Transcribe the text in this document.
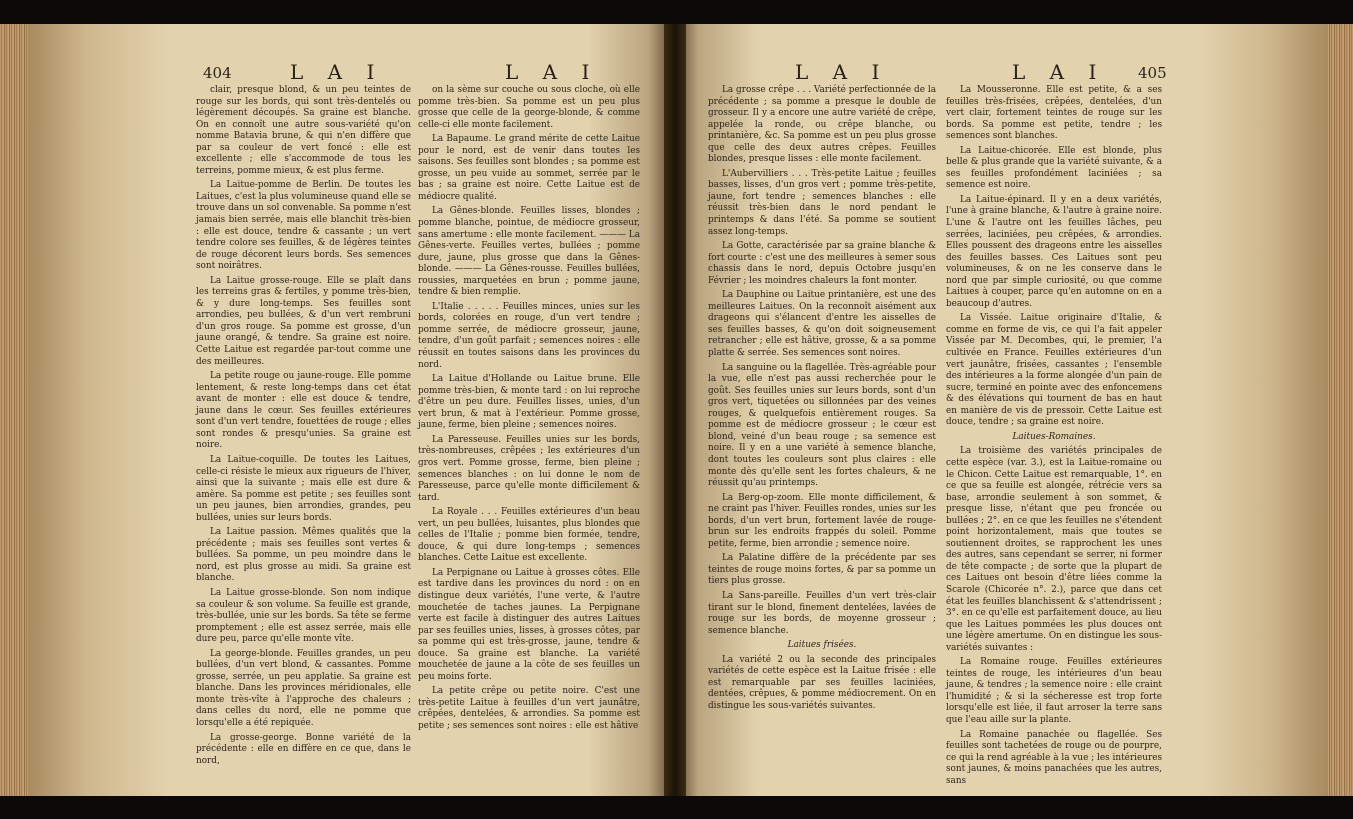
404	L A I	L A I	L A I	L A I 405

clair, presque blond, & un peu teintes de rouge sur les bords, qui sont très-dentelés ou légèrement découpés. Sa graine est blanche. On en connoît une autre sous-variété qu'on nomme Batavia brune, & qui n'en diffère que par sa couleur de vert foncé : elle est excellente ; elle s'accommode de tous les terreins, pomme mieux, & est plus ferme.

La Laitue-pomme de Berlin. De toutes les Laitues, c'est la plus volumineuse quand elle se trouve dans un sol convenable. Sa pomme n'est jamais bien serrée, mais elle blanchit très-bien : elle est douce, tendre & cassante ; un vert tendre colore ses feuilles, & de légères teintes de rouge décorent leurs bords. Ses semences sont noirâtres.

La Laitue grosse-rouge. Elle se plaît dans les terreins gras & fertiles, y pomme très-bien, & y dure long-temps. Ses feuilles sont arrondies, peu bullées, & d'un vert rembruni d'un gros rouge. Sa pomme est grosse, d'un jaune orangé, & tendre. Sa graine est noire. Cette Laitue est regardée par-tout comme une des meilleures.

La petite rouge ou jaune-rouge. Elle pomme lentement, & reste long-temps dans cet état avant de monter : elle est douce & tendre, jaune dans le cœur. Ses feuilles extérieures sont d'un vert tendre, fouettées de rouge ; elles sont rondes & presqu'unies. Sa graine est noire.

La Laitue-coquille. De toutes les Laitues, celle-ci résiste le mieux aux rigueurs de l'hiver, ainsi que la suivante ; mais elle est dure & amère. Sa pomme est petite ; ses feuilles sont un peu jaunes, bien arrondies, grandes, peu bullées, unies sur leurs bords.

La Laitue passion. Mêmes qualités que la précédente ; mais ses feuilles sont vertes & bullées. Sa pomme, un peu moindre dans le nord, est plus grosse au midi. Sa graine est blanche.

La Laitue grosse-blonde. Son nom indique sa couleur & son volume. Sa feuille est grande, très-bullée, unie sur les bords. Sa tête se ferme promptement ; elle est assez serrée, mais elle dure peu, parce qu'elle monte vîte.

La george-blonde. Feuilles grandes, un peu bullées, d'un vert blond, & cassantes. Pomme grosse, serrée, un peu applatie. Sa graine est blanche. Dans les provinces méridionales, elle monte très-vîte à l'approche des chaleurs ; dans celles du nord, elle ne pomme que lorsqu'elle a été repiquée.

La grosse-george. Bonne variété de la précédente : elle en diffère en ce que, dans le nord,

on la sème sur couche ou sous cloche, où elle pomme très-bien. Sa pomme est un peu plus grosse que celle de la george-blonde, & comme celle-ci elle monte facilement.

La Bapaume. Le grand mérite de cette Laitue pour le nord, est de venir dans toutes les saisons. Ses feuilles sont blondes ; sa pomme est grosse, un peu vuide au sommet, serrée par le bas ; sa graine est noire. Cette Laitue est de médiocre qualité.

La Gênes-blonde. Feuilles lisses, blondes ; pomme blanche, pointue, de médiocre grosseur, sans amertume : elle monte facilement. ——— La Gênes-verte. Feuilles vertes, bullées ; pomme dure, jaune, plus grosse que dans la Gênes-blonde. ——— La Gênes-rousse. Feuilles bullées, roussies, marquetées en brun ; pomme jaune, tendre & bien remplie.

L'Italie . . . . . Feuilles minces, unies sur les bords, colorées en rouge, d'un vert tendre ; pomme serrée, de médiocre grosseur, jaune, tendre, d'un goût parfait ; semences noires : elle réussit en toutes saisons dans les provinces du nord.

La Laitue d'Hollande ou Laitue brune. Elle pomme très-bien, & monte tard : on lui reproche d'être un peu dure. Feuilles lisses, unies, d'un vert brun, & mat à l'extérieur. Pomme grosse, jaune, ferme, bien pleine ; semences noires.

La Paresseuse. Feuilles unies sur les bords, très-nombreuses, crêpées ; les extérieures d'un gros vert. Pomme grosse, ferme, bien pleine ; semences blanches : on lui donne le nom de Paresseuse, parce qu'elle monte difficilement & tard.

La Royale . . . Feuilles extérieures d'un beau vert, un peu bullées, luisantes, plus blondes que celles de l'Italie ; pomme bien formée, tendre, douce, & qui dure long-temps ; semences blanches. Cette Laitue est excellente.

La Perpignane ou Laitue à grosses côtes. Elle est tardive dans les provinces du nord : on en distingue deux variétés, l'une verte, & l'autre mouchetée de taches jaunes. La Perpignane verte est facile à distinguer des autres Laitues par ses feuilles unies, lisses, à grosses côtes, par sa pomme qui est très-grosse, jaune, tendre & douce. Sa graine est blanche. La variété mouchetée de jaune a la côte de ses feuilles un peu moins forte.

La petite crêpe ou petite noire. C'est une très-petite Laitue à feuilles d'un vert jaunâtre, crêpées, dentelées, & arrondies. Sa pomme est petite ; ses semences sont noires : elle est hâtive

La grosse crêpe . . . Variété perfectionnée de la précédente ; sa pomme a presque le double de grosseur. Il y a encore une autre variété de crêpe, appelée la ronde, ou crêpe blanche, ou printanière, &c. Sa pomme est un peu plus grosse que celle des deux autres crêpes. Feuilles blondes, presque lisses : elle monte facilement.

L'Aubervilliers . . . Très-petite Laitue ; feuilles basses, lisses, d'un gros vert ; pomme très-petite, jaune, fort tendre ; semences blanches : elle réussit très-bien dans le nord pendant le printemps & dans l'été. Sa pomme se soutient assez long-temps.

La Gotte, caractérisée par sa graine blanche & fort courte : c'est une des meilleures à semer sous chassis dans le nord, depuis Octobre jusqu'en Février ; les moindres chaleurs la font monter.

La Dauphine ou Laitue printanière, est une des meilleures Laitues. On la reconnoît aisément aux drageons qui s'élancent d'entre les aisselles de ses feuilles basses, & qu'on doit soigneusement retrancher ; elle est hâtive, grosse, & a sa pomme platte & serrée. Ses semences sont noires.

La sanguine ou la flagellée. Très-agréable pour la vue, elle n'est pas aussi recherchée pour le goût. Ses feuilles unies sur leurs bords, sont d'un gros vert, tiquetées ou sillonnées par des veines rouges, & quelquefois entièrement rouges. Sa pomme est de médiocre grosseur ; le cœur est blond, veiné d'un beau rouge ; sa semence est noire. Il y en a une variété à semence blanche, dont toutes les couleurs sont plus claires : elle monte dès qu'elle sent les fortes chaleurs, & ne réussit qu'au printemps.

La Berg-op-zoom. Elle monte difficilement, & ne craint pas l'hiver. Feuilles rondes, unies sur les bords, d'un vert brun, fortement lavée de rouge-brun sur les endroits frappés du soleil. Pomme petite, ferme, bien arrondie ; semence noire.

La Palatine diffère de la précédente par ses teintes de rouge moins fortes, & par sa pomme un tiers plus grosse.

La Sans-pareille. Feuilles d'un vert très-clair tirant sur le blond, finement dentelées, lavées de rouge sur les bords, de moyenne grosseur ; semence blanche.

Laitues frisées.

La variété 2 ou la seconde des principales variétés de cette espèce est la Laitue frisée : elle est remarquable par ses feuilles laciniées, dentées, crêpues, & pomme médiocrement. On en distingue les sous-variétés suivantes.

La Mousseronne. Elle est petite, & a ses feuilles très-frisées, crêpées, dentelées, d'un vert clair, fortement teintes de rouge sur les bords. Sa pomme est petite, tendre ; les semences sont blanches.

La Laitue-chicorée. Elle est blonde, plus belle & plus grande que la variété suivante, & a ses feuilles profondément laciniées ; sa semence est noire.

La Laitue-épinard. Il y en a deux variétés, l'une à graine blanche, & l'autre à graine noire. L'une & l'autre ont les feuilles lâches, peu serrées, laciniées, peu crêpées, & arrondies. Elles poussent des drageons entre les aisselles des feuilles basses. Ces Laitues sont peu volumineuses, & on ne les conserve dans le nord que par simple curiosité, ou que comme Laitues à couper, parce qu'en automne on en a beaucoup d'autres.

La Vissée. Laitue originaire d'Italie, & comme en forme de vis, ce qui l'a fait appeler Vissée par M. Decombes, qui, le premier, l'a cultivée en France. Feuilles extérieures d'un vert jaunâtre, frisées, cassantes ; l'ensemble des intérieures a la forme alongée d'un pain de sucre, terminé en pointe avec des enfoncemens & des élévations qui tournent de bas en haut en manière de vis de pressoir. Cette Laitue est douce, tendre ; sa graine est noire.

Laitues-Romaines.

La troisième des variétés principales de cette espèce (var. 3.), est la Laitue-romaine ou le Chicon. Cette Laitue est remarquable, 1°. en ce que sa feuille est alongée, rétrécie vers sa base, arrondie seulement à son sommet, & presque lisse, n'étant que peu froncée ou bullées ; 2°. en ce que les feuilles ne s'étendent point horizontalement, mais que toutes se soutiennent droites, se rapprochent les unes des autres, sans cependant se serrer, ni former de tête compacte ; de sorte que la plupart de ces Laitues ont besoin d'être liées comme la Scarole (Chicorée n°. 2.), parce que dans cet état les feuilles blanchissent & s'attendrissent ; 3°. en ce qu'elle est parfaitement douce, au lieu que les Laitues pommées les plus douces ont une légère amertume. On en distingue les sous-variétés suivantes :

La Romaine rouge. Feuilles extérieures teintes de rouge, les intérieures d'un beau jaune, & tendres ; la semence noire : elle craint l'humidité ; & si la sécheresse est trop forte lorsqu'elle est liée, il faut arroser la terre sans que l'eau aille sur la plante.

La Romaine panachée ou flagellée. Ses feuilles sont tachetées de rouge ou de pourpre, ce qui la rend agréable à la vue ; les intérieures sont jaunes, & moins panachées que les autres, sans
